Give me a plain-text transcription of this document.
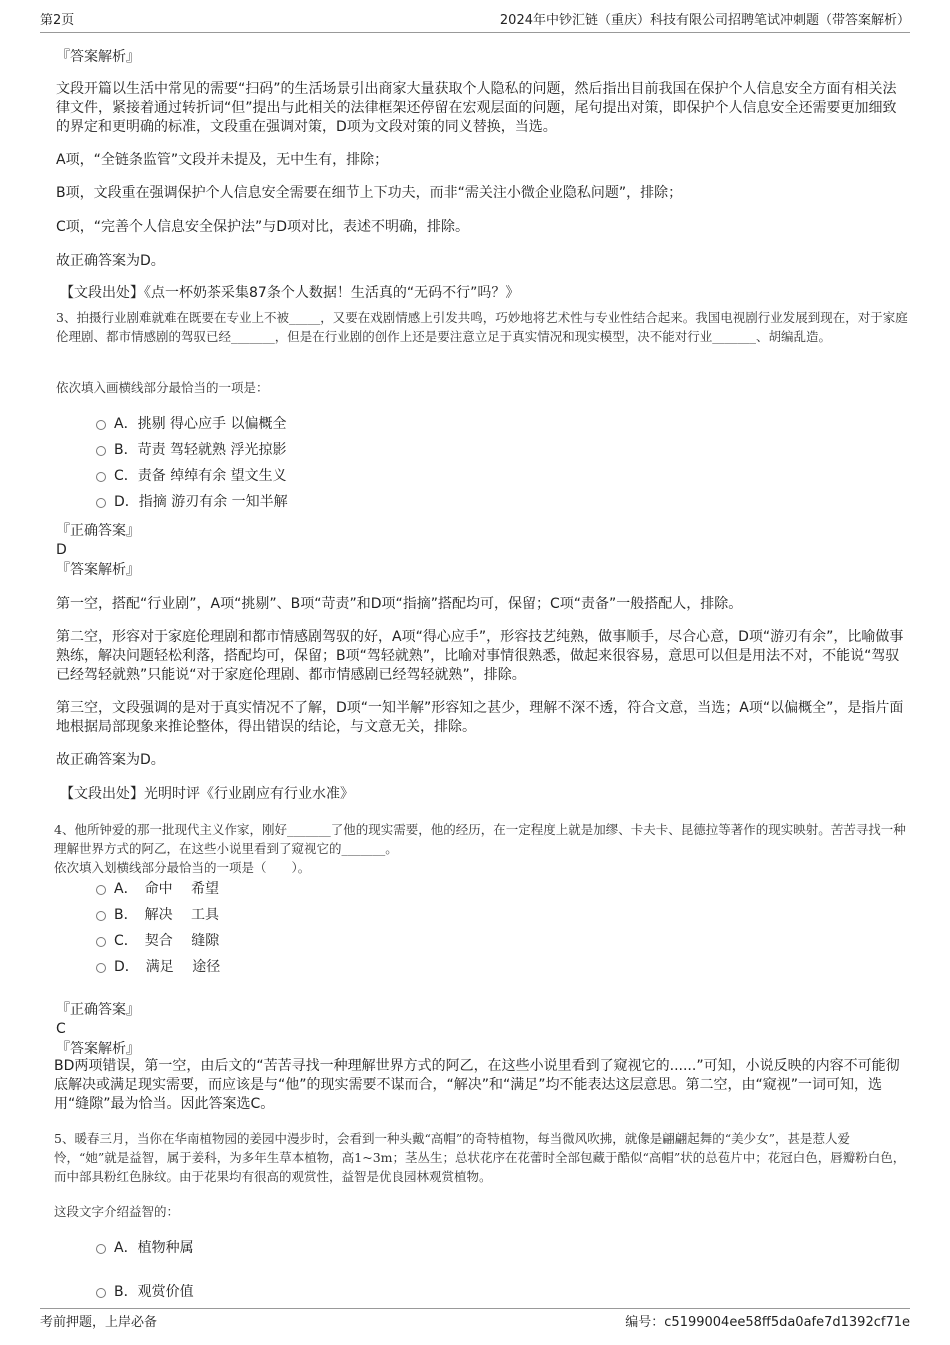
第2页	2024年中钞汇链（重庆）科技有限公司招聘笔试冲刺题（带答案解析）

『答案解析』

文段开篇以生活中常见的需要“扫码”的生活场景引出商家大量获取个人隐私的问题，然后指出目前我国在保护个人信息安全方面有相关法律文件，紧接着通过转折词“但”提出与此相关的法律框架还停留在宏观层面的问题，尾句提出对策，即保护个人信息安全还需要更加细致的界定和更明确的标准，文段重在强调对策，D项为文段对策的同义替换，当选。

A项，“全链条监管”文段并未提及，无中生有，排除；

B项，文段重在强调保护个人信息安全需要在细节上下功夫，而非“需关注小微企业隐私问题”，排除；

C项，“完善个人信息安全保护法”与D项对比，表述不明确，排除。

故正确答案为D。

【文段出处】《点一杯奶茶采集87条个人数据！生活真的“无码不行”吗？》

3、拍摄行业剧难就难在既要在专业上不被_____，又要在戏剧情感上引发共鸣，巧妙地将艺术性与专业性结合起来。我国电视剧行业发展到现在，对于家庭伦理剧、都市情感剧的驾驭已经_______，但是在行业剧的创作上还是要注意立足于真实情况和现实模型，决不能对行业_______、胡编乱造。

依次填入画横线部分最恰当的一项是：

A．挑剔 得心应手 以偏概全
B．苛责 驾轻就熟 浮光掠影
C．责备 绰绰有余 望文生义
D．指摘 游刃有余 一知半解

『正确答案』

D

『答案解析』

第一空，搭配“行业剧”，A项“挑剔”、B项“苛责”和D项“指摘”搭配均可，保留；C项“责备”一般搭配人，排除。

第二空，形容对于家庭伦理剧和都市情感剧驾驭的好，A项“得心应手”，形容技艺纯熟，做事顺手，尽合心意，D项“游刃有余”，比喻做事熟练，解决问题轻松利落，搭配均可，保留；B项“驾轻就熟”，比喻对事情很熟悉，做起来很容易，意思可以但是用法不对，不能说“驾驭已经驾轻就熟”只能说“对于家庭伦理剧、都市情感剧已经驾轻就熟”，排除。

第三空，文段强调的是对于真实情况不了解，D项“一知半解”形容知之甚少，理解不深不透，符合文意，当选；A项“以偏概全”，是指片面地根据局部现象来推论整体，得出错误的结论，与文意无关，排除。

故正确答案为D。

【文段出处】光明时评《行业剧应有行业水准》

4、他所钟爱的那一批现代主义作家，刚好_______了他的现实需要，他的经历，在一定程度上就是加缪、卡夫卡、昆德拉等著作的现实映射。苦苦寻找一种理解世界方式的阿乙，在这些小说里看到了窥视它的_______。

依次填入划横线部分最恰当的一项是（　　）。

A．　命中　 希望
B．　解决　 工具
C．　契合　 缝隙
D．　满足　 途径

『正确答案』

C

『答案解析』

BD两项错误，第一空，由后文的“苦苦寻找一种理解世界方式的阿乙，在这些小说里看到了窥视它的......”可知，小说反映的内容不可能彻底解决或满足现实需要，而应该是与“他”的现实需要不谋而合，“解决”和“满足”均不能表达这层意思。第二空，由“窥视”一词可知，选用“缝隙”最为恰当。因此答案选C。

5、暖春三月，当你在华南植物园的姜园中漫步时，会看到一种头戴“高帽”的奇特植物，每当微风吹拂，就像是翩翩起舞的“美少女”，甚是惹人爱怜，“她”就是益智，属于姜科，为多年生草本植物，高1~3m；茎丛生；总状花序在花蕾时全部包藏于酷似“高帽”状的总苞片中；花冠白色，唇瓣粉白色，而中部具粉红色脉纹。由于花果均有很高的观赏性，益智是优良园林观赏植物。

这段文字介绍益智的：

A．植物种属
B．观赏价值
考前押题，上岸必备	编号：c5199004ee58ff5da0afe7d1392cf71e
